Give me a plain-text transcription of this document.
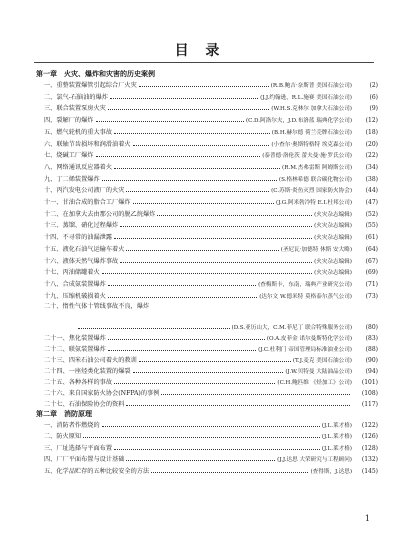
目 录
第一章　火灾、爆炸和灾害的历史案例
一、重整装置爆管引起综合厂火灾	(R.B.鲍吉·奈斯普 美国石油公司)	(2)
二、氯气-石脑油的爆炸	(J.J.约翰逊，R.L.施赛 美国石油公司)	(6)
三、联合装置泵房火灾	(W.H.S.克林尔 加拿大石油公司)	(9)
四、裂解厂的爆炸	(C.D.阿洛尔夫，J.D.布洛蓝 瑞典化学公司)	(12)
五、燃气轮机的重大事故	(B.H.赫尔德 荷兰壳牌石油公司)	(18)
六、联轴节齿损坏和润滑油着火	(小查尔·奥斯特格特 埃克森公司)	(20)
七、烧碱工厂爆炸	(泰普德·洛伦茨 蕾夫曼·施·罗氏公司)	(22)
八、网络通讯反应器着火	(R.M.杰弗雷斯 阿姆斯公司)	(34)
九、丁二烯装置爆炸	(S.格林希德 联合碳化物公司)	(38)
十、丙汽发电公司液厂的火灾	(C.苏斯·炎鱼灭烈 国家防火协会)	(44)
十一、甘油合成的脂合工厂爆炸	(J.G.阿米勃冷特 E.I.杜邦公司)	(47)
十二、在加拿大去由那公司的脱乙烷爆炸	(火灾杂志编辑)	(52)
十三、蒸馏、硝化过程爆炸	(火灾杂志编辑)	(55)
十四、不寻常的油漏泄露	(火灾杂志编辑)	(61)
十五、液化石油气运输车着火	(圣尼瓦·加德特 休斯 安大略)	(64)
十六、液体天然气爆炸事故	(火灾杂志编辑)	(67)
十七、丙油储罐着火	(火灾杂志编辑)	(69)
十八、合成氨装置爆炸	(查梅斯卡，东南，瑞典产业研究公司)	(71)
十九、压缩机破损着火	(达尔文 W.德米特 莫格泰尔蒸气公司)	(73)
二十、惰性气体十管线事故不良，爆炸
(D.S.亚历山大，C.M.菲尼丁 联合特殊服务公司)	(80)
二十一、焦化装置爆炸	(O.A.皮菲金 诺尔曼斯特化学公司)	(83)
二十二、联氨装置爆炸	(J.C.杜利门 帝国管理局标准油业公司)	(88)
二十三、四米石油公司着火的教训	(T.J.麦克 美国石油公司)	(90)
二十四、一座烃类化装置的爆裂	(J.W.贝特曼 大陆油品公司)	(94)
二十五、各种各样的事故	(C.H.鲍匹维 《烃加工》公司)	(101)
二十六、来自国家防火协会(NFPA)的事例	(108)
二十七、石油保险协会的资料	(117)
第二章　消防原理
一、消防者作燃烧的	(J.L.莱才格)	(122)
二、防火原知	(J.L.莱才格)	(126)
三、厂址选择与平面布置	(J.L.莱才格)	(128)
四、厂厂平面布置与设计基础	(J.J.达思 大荣研究与工程顾问)	(132)
五、化学品贮存的五种比较安全的方法	(查得斯，J.达思)	(145)
1
